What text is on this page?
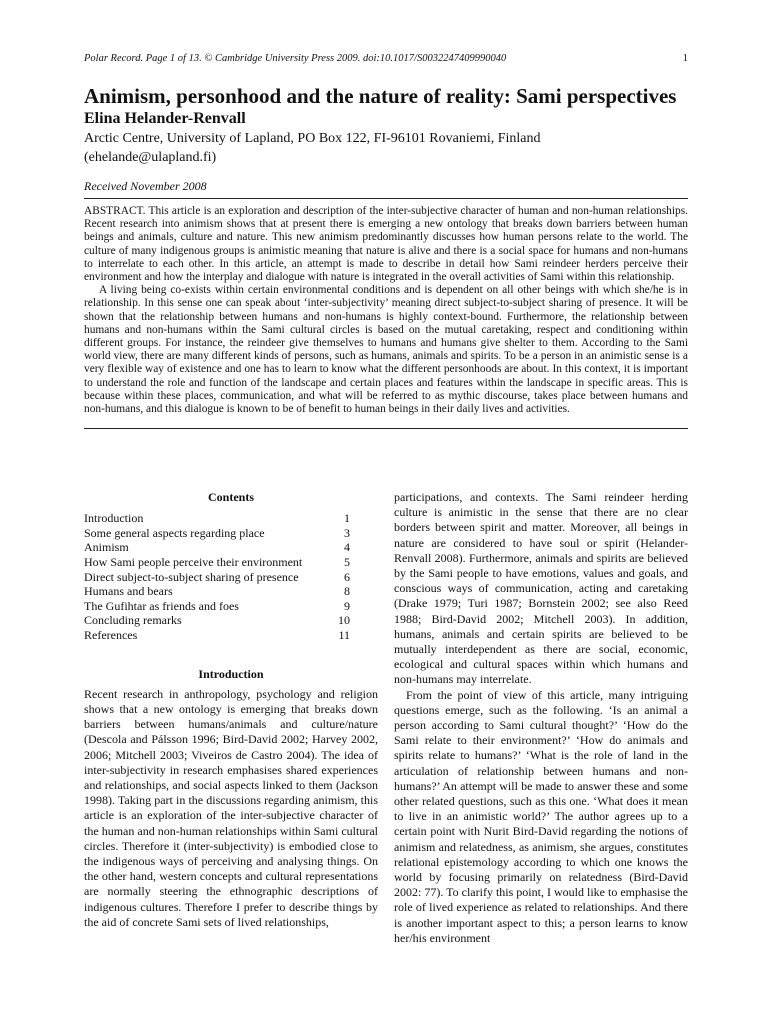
Polar Record. Page 1 of 13. © Cambridge University Press 2009. doi:10.1017/S0032247409990040	1
Animism, personhood and the nature of reality: Sami perspectives
Elina Helander-Renvall
Arctic Centre, University of Lapland, PO Box 122, FI-96101 Rovaniemi, Finland
(ehelande@ulapland.fi)
Received November 2008

ABSTRACT. This article is an exploration and description of the inter-subjective character of human and non-human relationships. Recent research into animism shows that at present there is emerging a new ontology that breaks down barriers between human beings and animals, culture and nature. This new animism predominantly discusses how human persons relate to the world. The culture of many indigenous groups is animistic meaning that nature is alive and there is a social space for humans and non-humans to interrelate to each other. In this article, an attempt is made to describe in detail how Sami reindeer herders perceive their environment and how the interplay and dialogue with nature is integrated in the overall activities of Sami within this relationship.

A living being co-exists within certain environmental conditions and is dependent on all other beings with which she/he is in relationship. In this sense one can speak about ‘inter-subjectivity’ meaning direct subject-to-subject sharing of presence. It will be shown that the relationship between humans and non-humans is highly context-bound. Furthermore, the relationship between humans and non-humans within the Sami cultural circles is based on the mutual caretaking, respect and conditioning within different groups. For instance, the reindeer give themselves to humans and humans give shelter to them. According to the Sami world view, there are many different kinds of persons, such as humans, animals and spirits. To be a person in an animistic sense is a very flexible way of existence and one has to learn to know what the different personhoods are about. In this context, it is important to understand the role and function of the landscape and certain places and features within the landscape in specific areas. This is because within these places, communication, and what will be referred to as mythic discourse, takes place between humans and non-humans, and this dialogue is known to be of benefit to human beings in their daily lives and activities.

Contents
Introduction	1
Some general aspects regarding place	3
Animism	4
How Sami people perceive their environment	5
Direct subject-to-subject sharing of presence	6
Humans and bears	8
The Gufihtar as friends and foes	9
Concluding remarks	10
References	11
Introduction

Recent research in anthropology, psychology and religion shows that a new ontology is emerging that breaks down barriers between humans/animals and culture/nature (Descola and Pálsson 1996; Bird-David 2002; Harvey 2002, 2006; Mitchell 2003; Viveiros de Castro 2004). The idea of inter-subjectivity in research emphasises shared experiences and relationships, and social aspects linked to them (Jackson 1998). Taking part in the discussions regarding animism, this article is an exploration of the inter-subjective character of the human and non-human relationships within Sami cultural circles. Therefore it (inter-subjectivity) is embodied close to the indigenous ways of perceiving and analysing things. On the other hand, western concepts and cultural representations are normally steering the ethnographic descriptions of indigenous cultures. Therefore I prefer to describe things by the aid of concrete Sami sets of lived relationships,

participations, and contexts. The Sami reindeer herding culture is animistic in the sense that there are no clear borders between spirit and matter. Moreover, all beings in nature are considered to have soul or spirit (Helander-Renvall 2008). Furthermore, animals and spirits are believed by the Sami people to have emotions, values and goals, and conscious ways of communication, acting and caretaking (Drake 1979; Turi 1987; Bornstein 2002; see also Reed 1988; Bird-David 2002; Mitchell 2003). In addition, humans, animals and certain spirits are believed to be mutually interdependent as there are social, economic, ecological and cultural spaces within which humans and non-humans may interrelate.

From the point of view of this article, many intriguing questions emerge, such as the following. ‘Is an animal a person according to Sami cultural thought?’ ‘How do the Sami relate to their environment?’ ‘How do animals and spirits relate to humans?’ ‘What is the role of land in the articulation of relationship between humans and non-humans?’ An attempt will be made to answer these and some other related questions, such as this one. ‘What does it mean to live in an animistic world?’ The author agrees up to a certain point with Nurit Bird-David regarding the notions of animism and relatedness, as animism, she argues, constitutes relational epistemology according to which one knows the world by focusing primarily on relatedness (Bird-David 2002: 77). To clarify this point, I would like to emphasise the role of lived experience as related to relationships. And there is another important aspect to this; a person learns to know her/his environment
